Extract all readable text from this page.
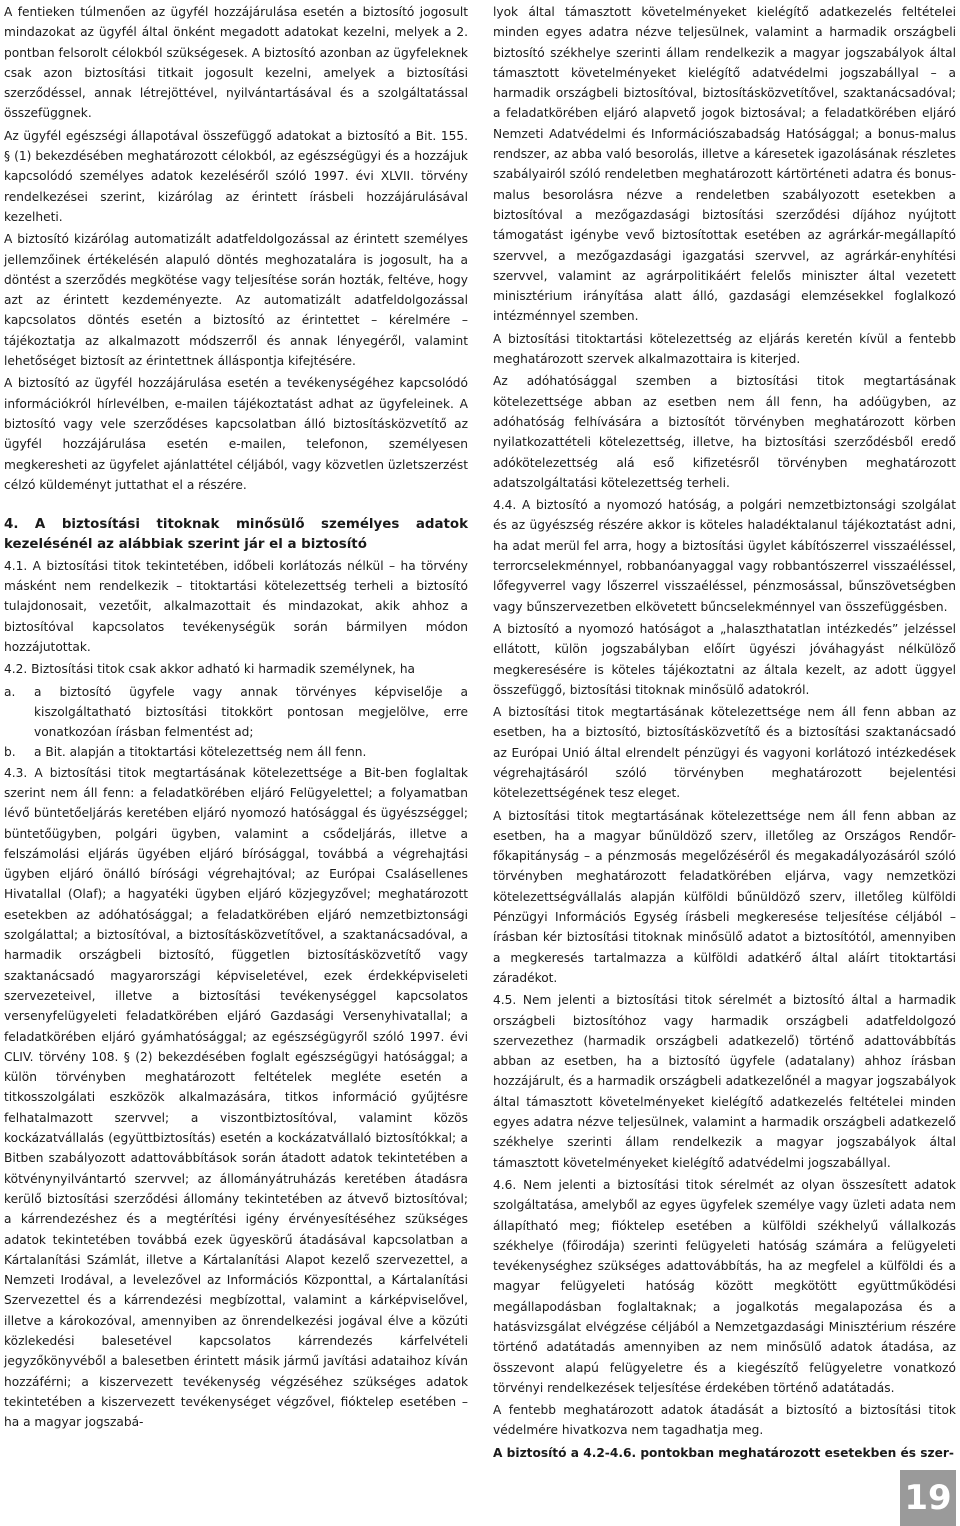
A fentieken túlmenően az ügyfél hozzájárulása esetén a biztosító jogosult mindazokat az ügyfél által önként megadott adatokat kezelni, melyek a 2. pontban felsorolt célokból szükségesek. A biztosító azonban az ügyfeleknek csak azon biztosítási titkait jogosult kezelni, amelyek a biztosítási szerződéssel, annak létrejöttével, nyilvántartásával és a szolgáltatással összefüggnek.

Az ügyfél egészségi állapotával összefüggő adatokat a biztosító a Bit. 155. § (1) bekezdésében meghatározott célokból, az egészségügyi és a hozzájuk kapcsolódó személyes adatok kezeléséről szóló 1997. évi XLVII. törvény rendelkezései szerint, kizárólag az érintett írásbeli hozzájárulásával kezelheti.

A biztosító kizárólag automatizált adatfeldolgozással az érintett személyes jellemzőinek értékelésén alapuló döntés meghozatalára is jogosult, ha a döntést a szerződés megkötése vagy teljesítése során hozták, feltéve, hogy azt az érintett kezdeményezte. Az automatizált adatfeldolgozással kapcsolatos döntés esetén a biztosító az érintettet – kérelmére – tájékoztatja az alkalmazott módszerről és annak lényegéről, valamint lehetőséget biztosít az érintettnek álláspontja kifejtésére.

A biztosító az ügyfél hozzájárulása esetén a tevékenységéhez kapcsolódó információkról hírlevélben, e-mailen tájékoztatást adhat az ügyfeleinek. A biztosító vagy vele szerződéses kapcsolatban álló biztosításközvetítő az ügyfél hozzájárulása esetén e-mailen, telefonon, személyesen megkeresheti az ügyfelet ajánlattétel céljából, vagy közvetlen üzletszerzést célzó küldeményt juttathat el a részére.

4. A biztosítási titoknak minősülő személyes adatok kezelésénél az alábbiak szerint jár el a biztosító

4.1. A biztosítási titok tekintetében, időbeli korlátozás nélkül – ha törvény másként nem rendelkezik – titoktartási kötelezettség terheli a biztosító tulajdonosait, vezetőit, alkalmazottait és mindazokat, akik ahhoz a biztosítóval kapcsolatos tevékenységük során bármilyen módon hozzájutottak.

4.2. Biztosítási titok csak akkor adható ki harmadik személynek, ha

a.	a biztosító ügyfele vagy annak törvényes képviselője a kiszolgáltatható biztosítási titokkört pontosan megjelölve, erre vonatkozóan írásban felmentést ad;
b.	a Bit. alapján a titoktartási kötelezettség nem áll fenn.

4.3. A biztosítási titok megtartásának kötelezettsége a Bit-ben foglaltak szerint nem áll fenn: a feladatkörében eljáró Felügyelettel; a folyamatban lévő büntetőeljárás keretében eljáró nyomozó hatósággal és ügyészséggel; büntetőügyben, polgári ügyben, valamint a csődeljárás, illetve a felszámolási eljárás ügyében eljáró bírósággal, továbbá a végrehajtási ügyben eljáró önálló bírósági végrehajtóval; az Európai Csalásellenes Hivatallal (Olaf); a hagyatéki ügyben eljáró közjegyzővel; meghatározott esetekben az adóhatósággal; a feladatkörében eljáró nemzetbiztonsági szolgálattal; a biztosítóval, a biztosításközvetítővel, a szaktanácsadóval, a harmadik országbeli biztosító, független biztosításközvetítő vagy szaktanácsadó magyarországi képviseletével, ezek érdekképviseleti szervezeteivel, illetve a biztosítási tevékenységgel kapcsolatos versenyfelügyeleti feladatkörében eljáró Gazdasági Versenyhivatallal; a feladatkörében eljáró gyámhatósággal; az egészségügyről szóló 1997. évi CLIV. törvény 108. § (2) bekezdésében foglalt egészségügyi hatósággal; a külön törvényben meghatározott feltételek megléte esetén a titkosszolgálati eszközök alkalmazására, titkos információ gyűjtésre felhatalmazott szervvel; a viszontbiztosítóval, valamint közös kockázatvállalás (együttbiztosítás) esetén a kockázatvállaló biztosítókkal; a Bitben szabályozott adattovábbítások során átadott adatok tekintetében a kötvénynyilvántartó szervvel; az állományátruházás keretében átadásra kerülő biztosítási szerződési állomány tekintetében az átvevő biztosítóval; a kárrendezéshez és a megtérítési igény érvényesítéséhez szükséges adatok tekintetében továbbá ezek ügyeskörű átadásával kapcsolatban a Kártalanítási Számlát, illetve a Kártalanítási Alapot kezelő szervezettel, a Nemzeti Irodával, a levelezővel az Információs Központtal, a Kártalanítási Szervezettel és a kárrendezési megbízottal, valamint a kárképviselővel, illetve a károkozóval, amennyiben az önrendelkezési jogával élve a közúti közlekedési balesetével kapcsolatos kárrendezés kárfelvételi jegyzőkönyvéből a balesetben érintett másik jármű javítási adataihoz kíván hozzáférni; a kiszervezett tevékenység végzéséhez szükséges adatok tekintetében a kiszervezett tevékenységet végzővel, fióktelep esetében – ha a magyar jogszabá-

lyok által támasztott követelményeket kielégítő adatkezelés feltételei minden egyes adatra nézve teljesülnek, valamint a harmadik országbeli biztosító székhelye szerinti állam rendelkezik a magyar jogszabályok által támasztott követelményeket kielégítő adatvédelmi jogszabállyal – a harmadik országbeli biztosítóval, biztosításközvetítővel, szaktanácsadóval; a feladatkörében eljáró alapvető jogok biztosával; a feladatkörében eljáró Nemzeti Adatvédelmi és Információszabadság Hatósággal; a bonus-malus rendszer, az abba való besorolás, illetve a káresetek igazolásának részletes szabályairól szóló rendeletben meghatározott kártörténeti adatra és bonus-malus besorolásra nézve a rendeletben szabályozott esetekben a biztosítóval a mezőgazdasági biztosítási szerződési díjához nyújtott támogatást igénybe vevő biztosítottak esetében az agrárkár-megállapító szervvel, a mezőgazdasági igazgatási szervvel, az agrárkár-enyhítési szervvel, valamint az agrárpolitikáért felelős miniszter által vezetett minisztérium irányítása alatt álló, gazdasági elemzésekkel foglalkozó intézménnyel szemben.

A biztosítási titoktartási kötelezettség az eljárás keretén kívül a fentebb meghatározott szervek alkalmazottaira is kiterjed.

Az adóhatósággal szemben a biztosítási titok megtartásának kötelezettsége abban az esetben nem áll fenn, ha adóügyben, az adóhatóság felhívására a biztosítót törvényben meghatározott körben nyilatkozattételi kötelezettség, illetve, ha biztosítási szerződésből eredő adókötelezettség alá eső kifizetésről törvényben meghatározott adatszolgáltatási kötelezettség terheli.

4.4. A biztosító a nyomozó hatóság, a polgári nemzetbiztonsági szolgálat és az ügyészség részére akkor is köteles haladéktalanul tájékoztatást adni, ha adat merül fel arra, hogy a biztosítási ügylet kábítószerrel visszaéléssel, terrorcselekménnyel, robbanóanyaggal vagy robbantószerrel visszaéléssel, lőfegyverrel vagy lőszerrel visszaéléssel, pénzmosással, bűnszövetségben vagy bűnszervezetben elkövetett bűncselekménnyel van összefüggésben.

A biztosító a nyomozó hatóságot a „halaszthatatlan intézkedés” jelzéssel ellátott, külön jogszabályban előírt ügyészi jóváhagyást nélkülöző megkeresésére is köteles tájékoztatni az általa kezelt, az adott üggyel összefüggő, biztosítási titoknak minősülő adatokról.

A biztosítási titok megtartásának kötelezettsége nem áll fenn abban az esetben, ha a biztosító, biztosításközvetítő és a biztosítási szaktanácsadó az Európai Unió által elrendelt pénzügyi és vagyoni korlátozó intézkedések végrehajtásáról szóló törvényben meghatározott bejelentési kötelezettségének tesz eleget.

A biztosítási titok megtartásának kötelezettsége nem áll fenn abban az esetben, ha a magyar bűnüldöző szerv, illetőleg az Országos Rendőr-főkapitányság – a pénzmosás megelőzéséről és megakadályozásáról szóló törvényben meghatározott feladatkörében eljárva, vagy nemzetközi kötelezettségvállalás alapján külföldi bűnüldöző szerv, illetőleg külföldi Pénzügyi Információs Egység írásbeli megkeresése teljesítése céljából – írásban kér biztosítási titoknak minősülő adatot a biztosítótól, amennyiben a megkeresés tartalmazza a külföldi adatkérő által aláírt titoktartási záradékot.

4.5. Nem jelenti a biztosítási titok sérelmét a biztosító által a harmadik országbeli biztosítóhoz vagy harmadik országbeli adatfeldolgozó szervezethez (harmadik országbeli adatkezelő) történő adattovábbítás abban az esetben, ha a biztosító ügyfele (adatalany) ahhoz írásban hozzájárult, és a harmadik országbeli adatkezelőnél a magyar jogszabályok által támasztott követelményeket kielégítő adatkezelés feltételei minden egyes adatra nézve teljesülnek, valamint a harmadik országbeli adatkezelő székhelye szerinti állam rendelkezik a magyar jogszabályok által támasztott követelményeket kielégítő adatvédelmi jogszabállyal.

4.6. Nem jelenti a biztosítási titok sérelmét az olyan összesített adatok szolgáltatása, amelyből az egyes ügyfelek személye vagy üzleti adata nem állapítható meg; fióktelep esetében a külföldi székhelyű vállalkozás székhelye (főirodája) szerinti felügyeleti hatóság számára a felügyeleti tevékenységhez szükséges adattovábbítás, ha az megfelel a külföldi és a magyar felügyeleti hatóság között megkötött együttműködési megállapodásban foglaltaknak; a jogalkotás megalapozása és a hatásvizsgálat elvégzése céljából a Nemzetgazdasági Minisztérium részére történő adatátadás amennyiben az nem minősülő adatok átadása, az összevont alapú felügyeletre és a kiegészítő felügyeletre vonatkozó törvényi rendelkezések teljesítése érdekében történő adatátadás.

A fentebb meghatározott adatok átadását a biztosító a biztosítási titok védelmére hivatkozva nem tagadhatja meg.

A biztosító a 4.2-4.6. pontokban meghatározott esetekben és szer-

19
